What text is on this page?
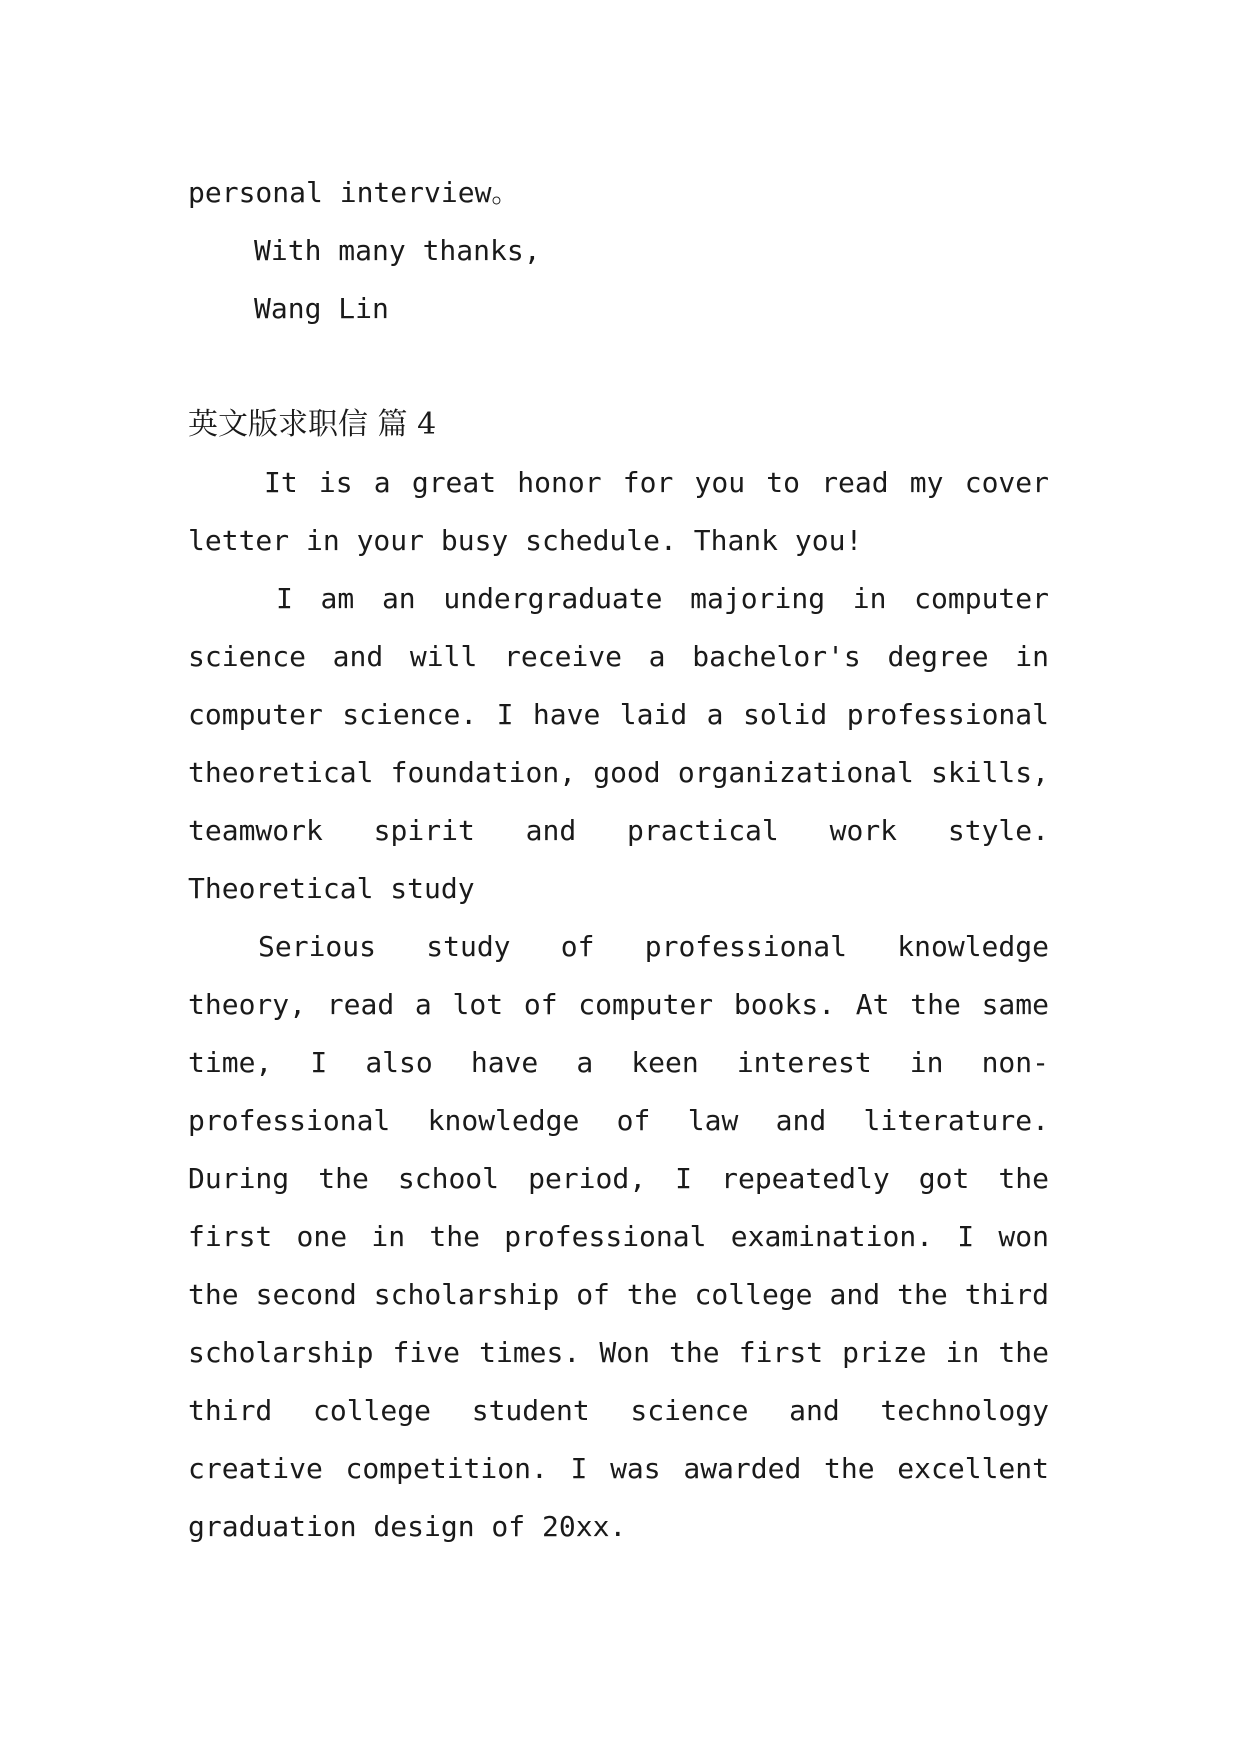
personal interview。
With many thanks,
Wang Lin
英文版求职信 篇 4

It is a great honor for you to read my cover letter in your busy schedule. Thank you!

I am an undergraduate majoring in computer science and will receive a bachelor's degree in computer science. I have laid a solid professional theoretical foundation, good organizational skills, teamwork spirit and practical work style. Theoretical study

Serious study of professional knowledge theory, read a lot of computer books. At the same time, I also have a keen interest in non-professional knowledge of law and literature. During the school period, I repeatedly got the first one in the professional examination. I won the second scholarship of the college and the third scholarship five times. Won the first prize in the third college student science and technology creative competition. I was awarded the excellent graduation design of 20xx.
